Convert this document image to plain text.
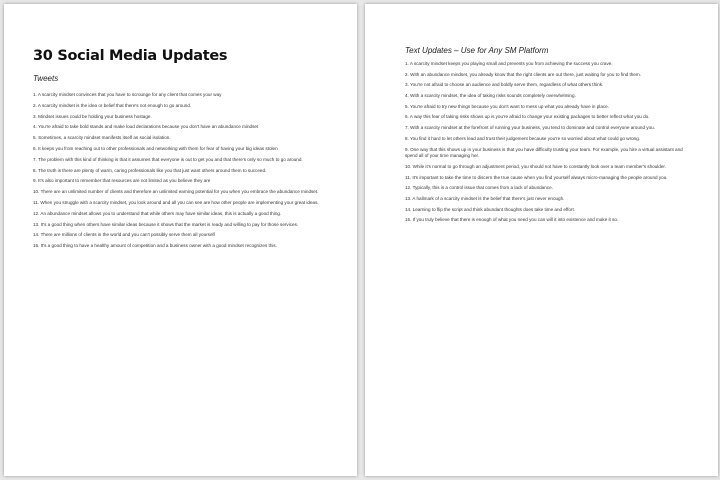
30 Social Media Updates
Tweets
1. A scarcity mindset convinces that you have to scrounge for any client that comes your way
2. A scarcity mindset is the idea or belief that there's not enough to go around.
3. Mindset issues could be holding your business hostage.
4. You're afraid to take bold stands and make loud declarations because you don't have an abundance mindset
5. Sometimes, a scarcity mindset manifests itself as social isolation.
6. It keeps you from reaching out to other professionals and networking with them for fear of having your big ideas stolen
7. The problem with this kind of thinking is that it assumes that everyone is out to get you and that there's only so much to go around.
8. The truth is there are plenty of warm, caring professionals like you that just want others around them to succeed.
9. It's also important to remember that resources are not limited as you believe they are
10. There are an unlimited number of clients and therefore an unlimited earning potential for you when you embrace the abundance mindset.
11. When you struggle with a scarcity mindset, you look around and all you can see are how other people are implementing your great ideas.
12. An abundance mindset allows you to understand that while others may have similar ideas, this is actually a good thing.
13. It's a good thing when others have similar ideas because it shows that the market is ready and willing to pay for those services.
14. There are millions of clients in the world and you can't possibly serve them all yourself
15. It's a good thing to have a healthy amount of competition and a business owner with a good mindset recognizes this.
Text Updates – Use for Any SM Platform
1. A scarcity mindset keeps you playing small and prevents you from achieving the success you crave.
2. With an abundance mindset, you already know that the right clients are out there, just waiting for you to find them.
3. You're not afraid to choose an audience and boldly serve them, regardless of what others think.
4. With a scarcity mindset, the idea of taking risks sounds completely overwhelming.
5. You're afraid to try new things because you don't want to mess up what you already have in place.
6. A way this fear of taking risks shows up is you're afraid to change your existing packages to better reflect what you do.
7. With a scarcity mindset at the forefront of running your business, you tend to dominate and control everyone around you.
8. You find it hard to let others lead and trust their judgement because you're so worried about what could go wrong.
9. One way that this shows up in your business is that you have difficulty trusting your team. For example, you hire a virtual assistant and spend all of your time managing her.
10. While it's normal to go through an adjustment period, you should not have to constantly look over a team member's shoulder.
11. It's important to take the time to discern the true cause when you find yourself always micro-managing the people around you.
12. Typically, this is a control issue that comes from a lack of abundance.
13. A hallmark of a scarcity mindset is the belief that there's just never enough.
14. Learning to flip the script and think abundant thoughts does take time and effort.
15. If you truly believe that there is enough of what you need you can will it into existence and make it so.
